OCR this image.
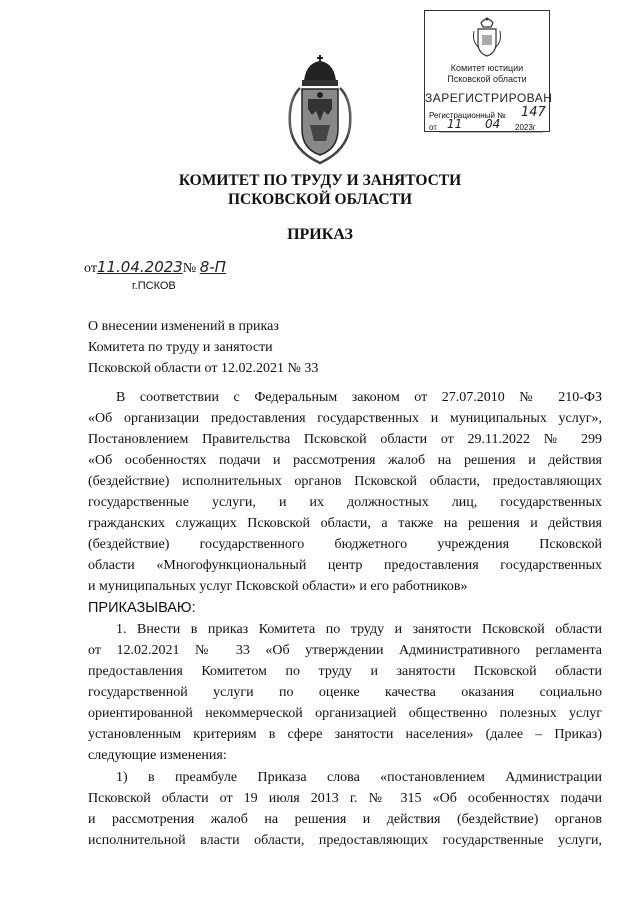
Комитет юстиции
Псковской области
ЗАРЕГИСТРИРОВАН
Регистрационный № 147
от 11 04 2023г
КОМИТЕТ ПО ТРУДУ И ЗАНЯТОСТИ
ПСКОВСКОЙ ОБЛАСТИ
ПРИКАЗ
от11.04.2023№ 8-П
г.ПСКОВ
О внесении изменений в приказ
Комитета по труду и занятости
Псковской области от 12.02.2021 № 33
В соответствии с Федеральным законом от 27.07.2010 № 210-ФЗ
«Об организации предоставления государственных и муниципальных услуг»,
Постановлением Правительства Псковской области от 29.11.2022 № 299
«Об особенностях подачи и рассмотрения жалоб на решения и действия
(бездействие) исполнительных органов Псковской области, предоставляющих
государственные услуги, и их должностных лиц, государственных
гражданских служащих Псковской области, а также на решения и действия
(бездействие) государственного бюджетного учреждения Псковской
области «Многофункциональный центр предоставления государственных
и муниципальных услуг Псковской области» и его работников»
ПРИКАЗЫВАЮ:
1. Внести в приказ Комитета по труду и занятости Псковской области
от 12.02.2021 № 33 «Об утверждении Административного регламента
предоставления Комитетом по труду и занятости Псковской области
государственной услуги по оценке качества оказания социально
ориентированной некоммерческой организацией общественно полезных услуг
установленным критериям в сфере занятости населения» (далее – Приказ)
следующие изменения:
1) в преамбуле Приказа слова «постановлением Администрации
Псковской области от 19 июля 2013 г. № 315 «Об особенностях подачи
и рассмотрения жалоб на решения и действия (бездействие) органов
исполнительной власти области, предоставляющих государственные услуги,
